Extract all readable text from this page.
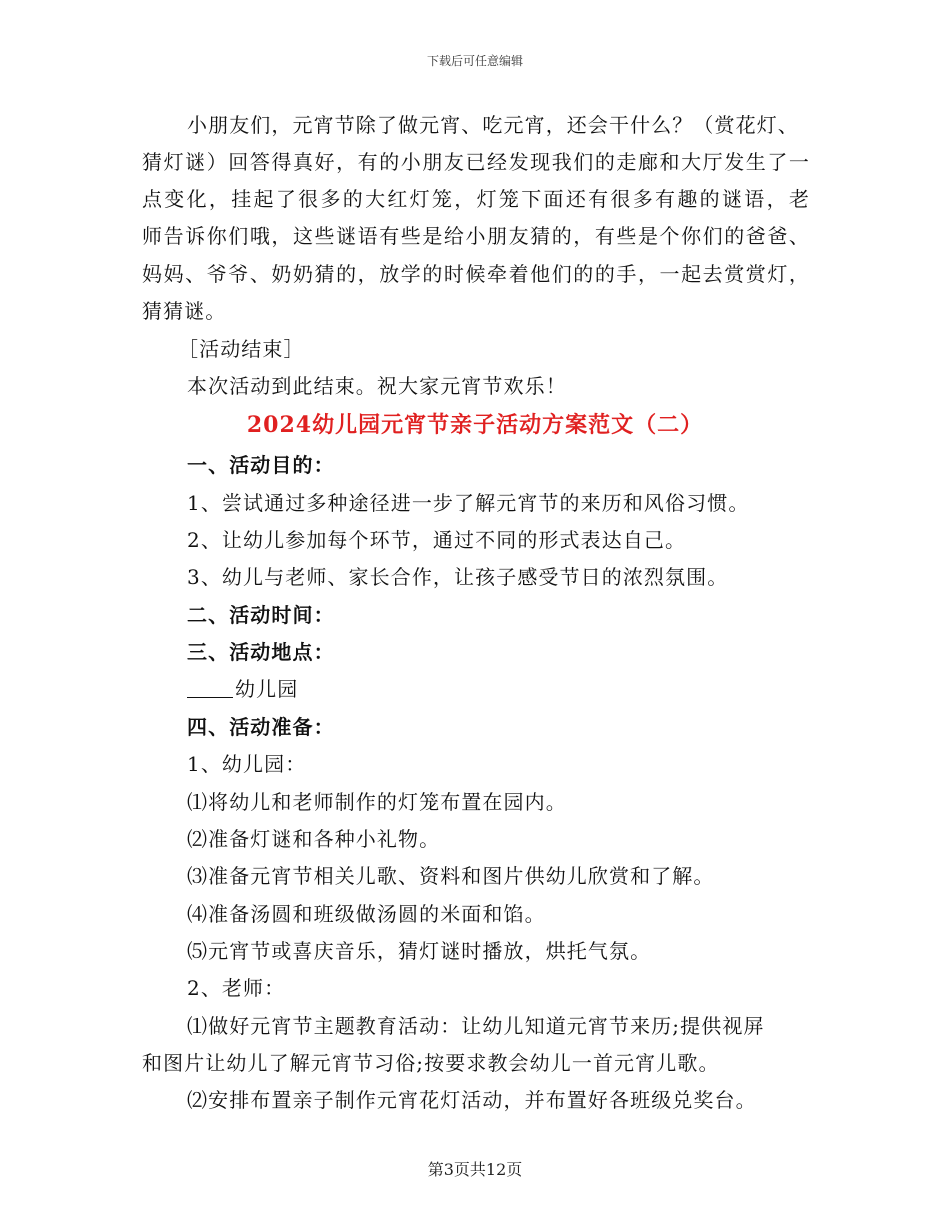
下载后可任意编辑
小朋友们，元宵节除了做元宵、吃元宵，还会干什么？（赏花灯、
猜灯谜）回答得真好，有的小朋友已经发现我们的走廊和大厅发生了一
点变化，挂起了很多的大红灯笼，灯笼下面还有很多有趣的谜语，老
师告诉你们哦，这些谜语有些是给小朋友猜的，有些是个你们的爸爸、
妈妈、爷爷、奶奶猜的，放学的时候牵着他们的的手，一起去赏赏灯，
猜猜谜。
［活动结束］
本次活动到此结束。祝大家元宵节欢乐！
2024幼儿园元宵节亲子活动方案范文（二）
一、活动目的：
1、尝试通过多种途径进一步了解元宵节的来历和风俗习惯。
2、让幼儿参加每个环节，通过不同的形式表达自己。
3、幼儿与老师、家长合作，让孩子感受节日的浓烈氛围。
二、活动时间：
三、活动地点：
幼儿园
四、活动准备：
1、幼儿园：
⑴将幼儿和老师制作的灯笼布置在园内。
⑵准备灯谜和各种小礼物。
⑶准备元宵节相关儿歌、资料和图片供幼儿欣赏和了解。
⑷准备汤圆和班级做汤圆的米面和馅。
⑸元宵节或喜庆音乐，猜灯谜时播放，烘托气氛。
2、老师：
⑴做好元宵节主题教育活动：让幼儿知道元宵节来历;提供视屏
和图片让幼儿了解元宵节习俗;按要求教会幼儿一首元宵儿歌。
⑵安排布置亲子制作元宵花灯活动，并布置好各班级兑奖台。
第3页共12页
